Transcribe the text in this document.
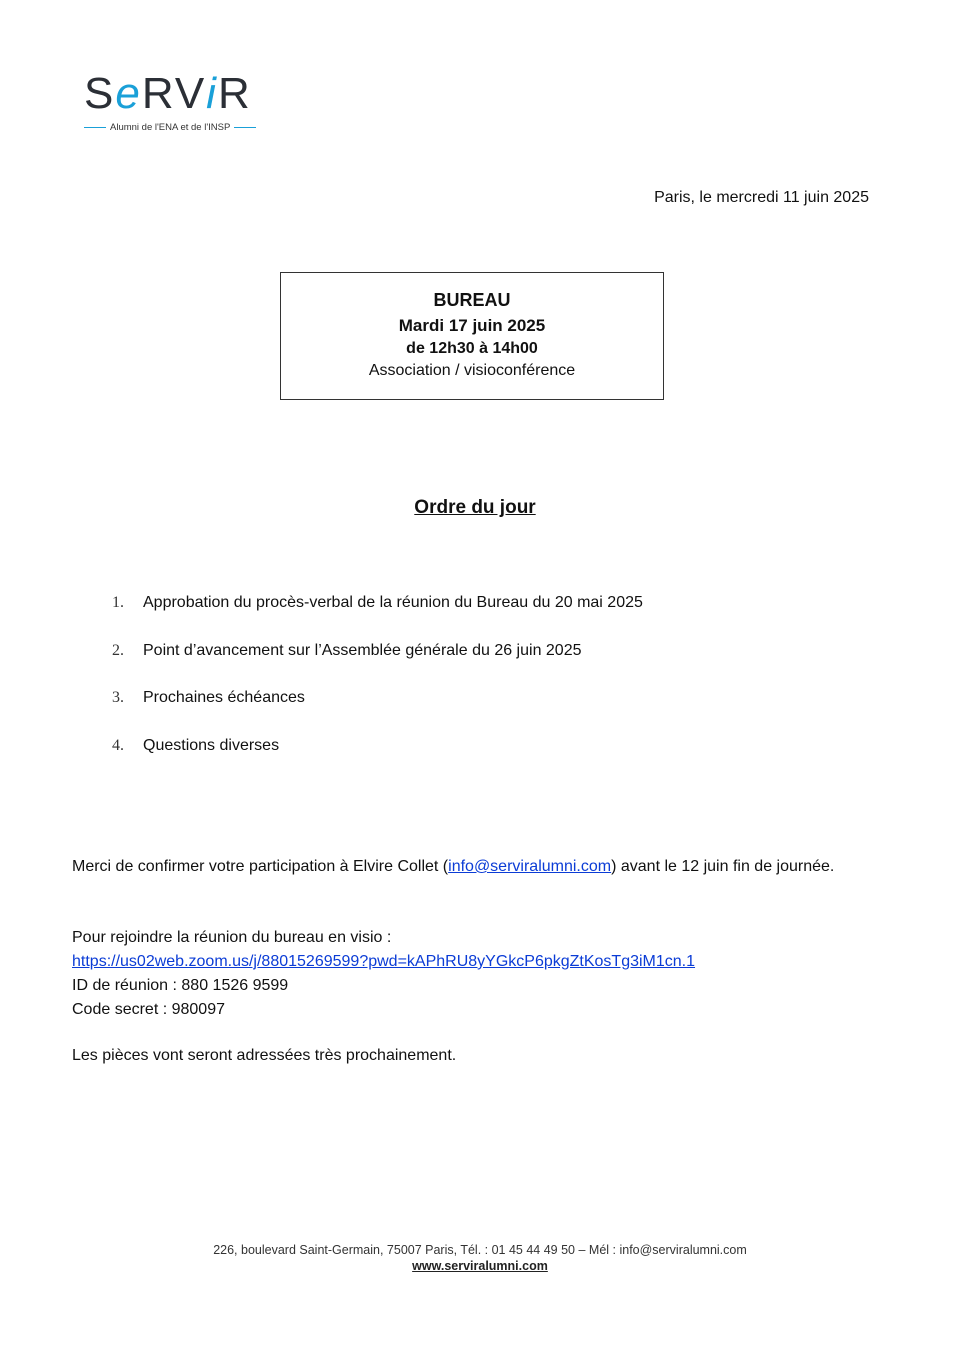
SeRViR
Alumni de l'ENA et de l'INSP
Paris, le mercredi 11 juin 2025
BUREAU
Mardi 17 juin 2025
de 12h30 à 14h00
Association / visioconférence
Ordre du jour
1.	Approbation du procès-verbal de la réunion du Bureau du 20 mai 2025
2.	Point d’avancement sur l’Assemblée générale du 26 juin 2025
3.	Prochaines échéances
4.	Questions diverses
Merci de confirmer votre participation à Elvire Collet (info@serviralumni.com) avant le 12 juin fin de journée.
Pour rejoindre la réunion du bureau en visio :
https://us02web.zoom.us/j/88015269599?pwd=kAPhRU8yYGkcP6pkgZtKosTg3iM1cn.1
ID de réunion : 880 1526 9599
Code secret : 980097
Les pièces vont seront adressées très prochainement.
226, boulevard Saint-Germain, 75007 Paris, Tél. : 01 45 44 49 50 – Mél : info@serviralumni.com
www.serviralumni.com
